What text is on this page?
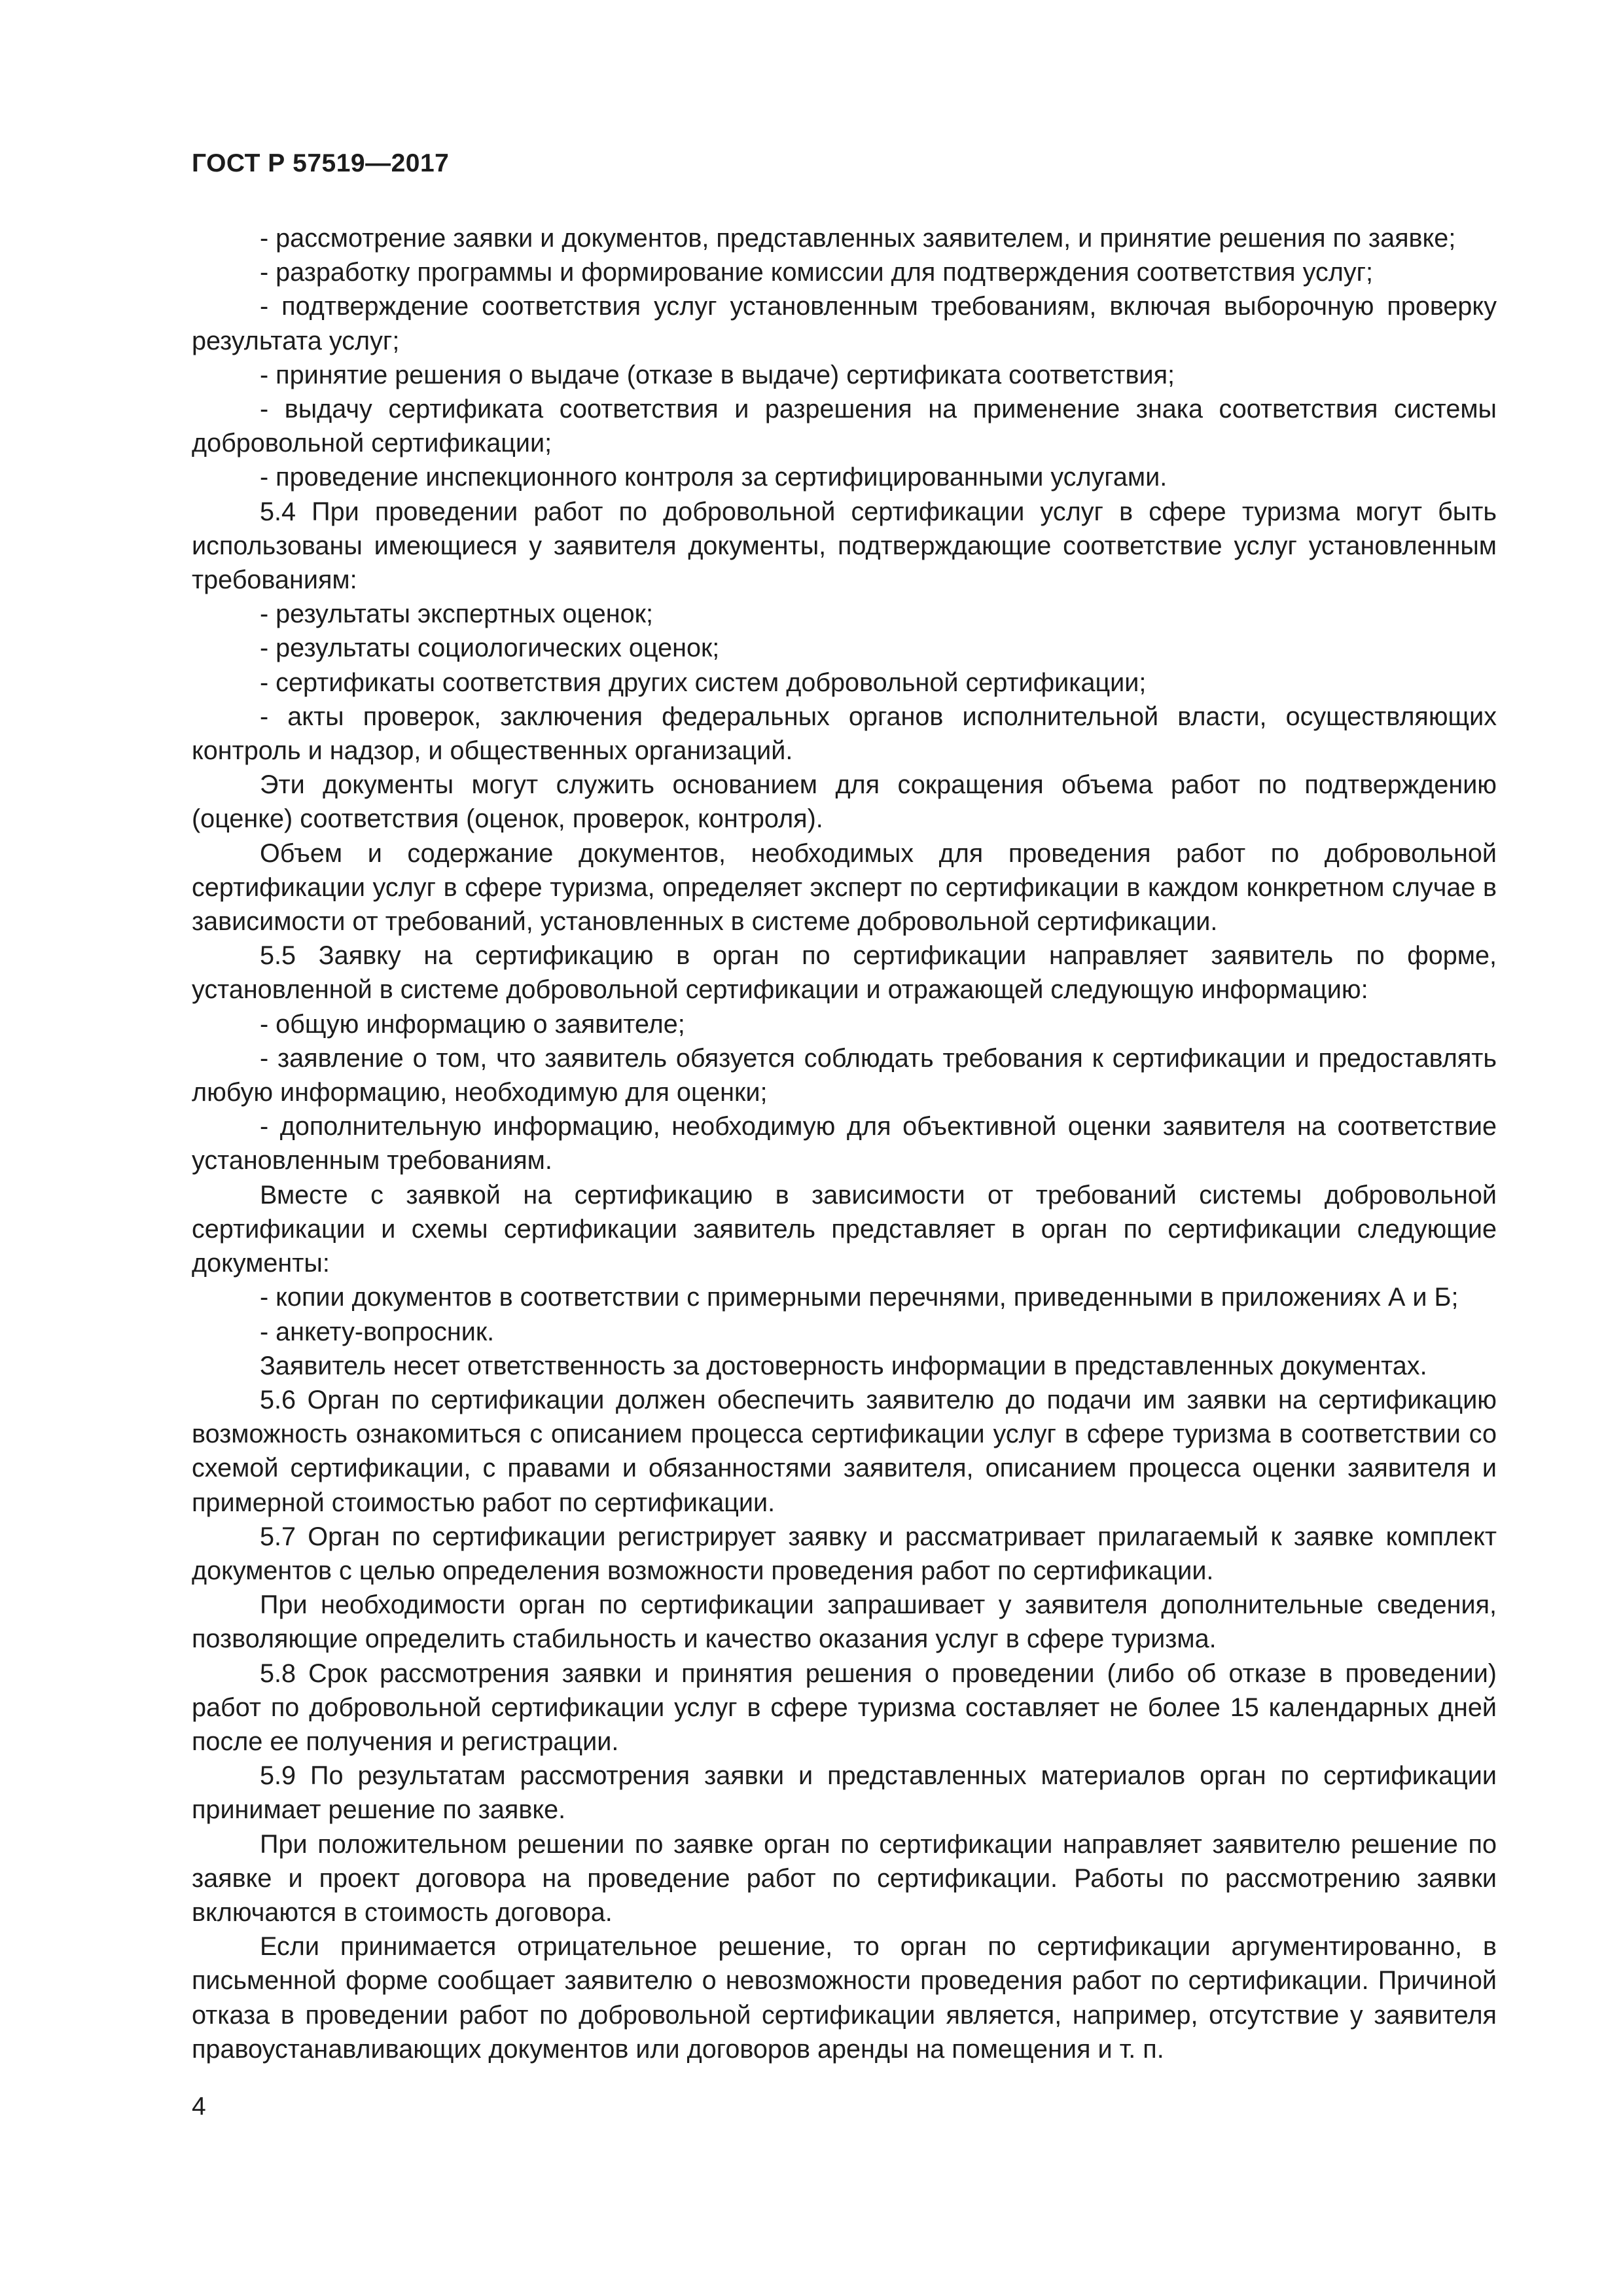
ГОСТ Р 57519—2017

- рассмотрение заявки и документов, представленных заявителем, и принятие решения по заявке;

- разработку программы и формирование комиссии для подтверждения соответствия услуг;

- подтверждение соответствия услуг установленным требованиям, включая выборочную проверку результата услуг;

- принятие решения о выдаче (отказе в выдаче) сертификата соответствия;

- выдачу сертификата соответствия и разрешения на применение знака соответствия системы добровольной сертификации;

- проведение инспекционного контроля за сертифицированными услугами.

5.4 При проведении работ по добровольной сертификации услуг в сфере туризма могут быть использованы имеющиеся у заявителя документы, подтверждающие соответствие услуг установленным требованиям:

- результаты экспертных оценок;

- результаты социологических оценок;

- сертификаты соответствия других систем добровольной сертификации;

- акты проверок, заключения федеральных органов исполнительной власти, осуществляющих контроль и надзор, и общественных организаций.

Эти документы могут служить основанием для сокращения объема работ по подтверждению (оценке) соответствия (оценок, проверок, контроля).

Объем и содержание документов, необходимых для проведения работ по добровольной сертификации услуг в сфере туризма, определяет эксперт по сертификации в каждом конкретном случае в зависимости от требований, установленных в системе добровольной сертификации.

5.5 Заявку на сертификацию в орган по сертификации направляет заявитель по форме, установленной в системе добровольной сертификации и отражающей следующую информацию:

- общую информацию о заявителе;

- заявление о том, что заявитель обязуется соблюдать требования к сертификации и предоставлять любую информацию, необходимую для оценки;

- дополнительную информацию, необходимую для объективной оценки заявителя на соответствие установленным требованиям.

Вместе с заявкой на сертификацию в зависимости от требований системы добровольной сертификации и схемы сертификации заявитель представляет в орган по сертификации следующие документы:

- копии документов в соответствии с примерными перечнями, приведенными в приложениях А и Б;

- анкету-вопросник.

Заявитель несет ответственность за достоверность информации в представленных документах.

5.6 Орган по сертификации должен обеспечить заявителю до подачи им заявки на сертификацию возможность ознакомиться с описанием процесса сертификации услуг в сфере туризма в соответствии со схемой сертификации, с правами и обязанностями заявителя, описанием процесса оценки заявителя и примерной стоимостью работ по сертификации.

5.7 Орган по сертификации регистрирует заявку и рассматривает прилагаемый к заявке комплект документов с целью определения возможности проведения работ по сертификации.

При необходимости орган по сертификации запрашивает у заявителя дополнительные сведения, позволяющие определить стабильность и качество оказания услуг в сфере туризма.

5.8 Срок рассмотрения заявки и принятия решения о проведении (либо об отказе в проведении) работ по добровольной сертификации услуг в сфере туризма составляет не более 15 календарных дней после ее получения и регистрации.

5.9 По результатам рассмотрения заявки и представленных материалов орган по сертификации принимает решение по заявке.

При положительном решении по заявке орган по сертификации направляет заявителю решение по заявке и проект договора на проведение работ по сертификации. Работы по рассмотрению заявки включаются в стоимость договора.

Если принимается отрицательное решение, то орган по сертификации аргументированно, в письменной форме сообщает заявителю о невозможности проведения работ по сертификации. Причиной отказа в проведении работ по добровольной сертификации является, например, отсутствие у заявителя правоустанавливающих документов или договоров аренды на помещения и т. п.

4
